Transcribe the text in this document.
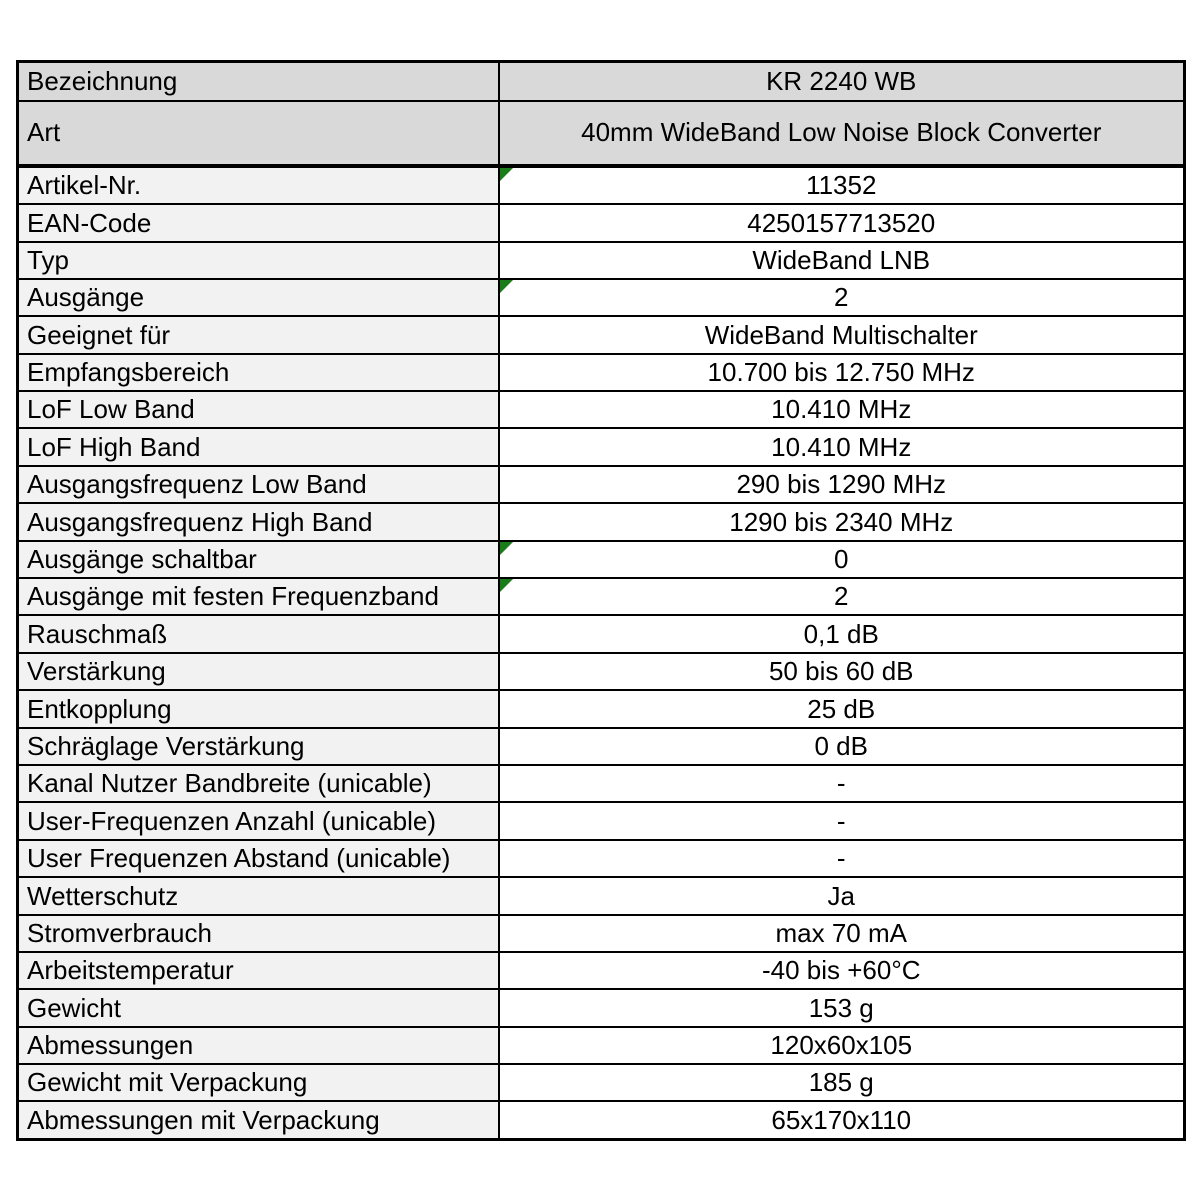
Bezeichnung	KR 2240 WB
Art	40mm WideBand Low Noise Block Converter
Artikel-Nr.	11352
EAN-Code	4250157713520
Typ	WideBand LNB
Ausgänge	2
Geeignet für	WideBand Multischalter
Empfangsbereich	10.700 bis 12.750 MHz
LoF Low Band	10.410 MHz
LoF High Band	10.410 MHz
Ausgangsfrequenz Low Band	290 bis 1290 MHz
Ausgangsfrequenz High Band	1290 bis 2340 MHz
Ausgänge schaltbar	0
Ausgänge mit festen Frequenzband	2
Rauschmaß	0,1 dB
Verstärkung	50 bis 60 dB
Entkopplung	25 dB
Schräglage Verstärkung	0 dB
Kanal Nutzer Bandbreite (unicable)	-
User-Frequenzen Anzahl (unicable)	-
User Frequenzen Abstand (unicable)	-
Wetterschutz	Ja
Stromverbrauch	max 70 mA
Arbeitstemperatur	-40 bis +60°C
Gewicht	153 g
Abmessungen	120x60x105
Gewicht mit Verpackung	185 g
Abmessungen mit Verpackung	65x170x110
